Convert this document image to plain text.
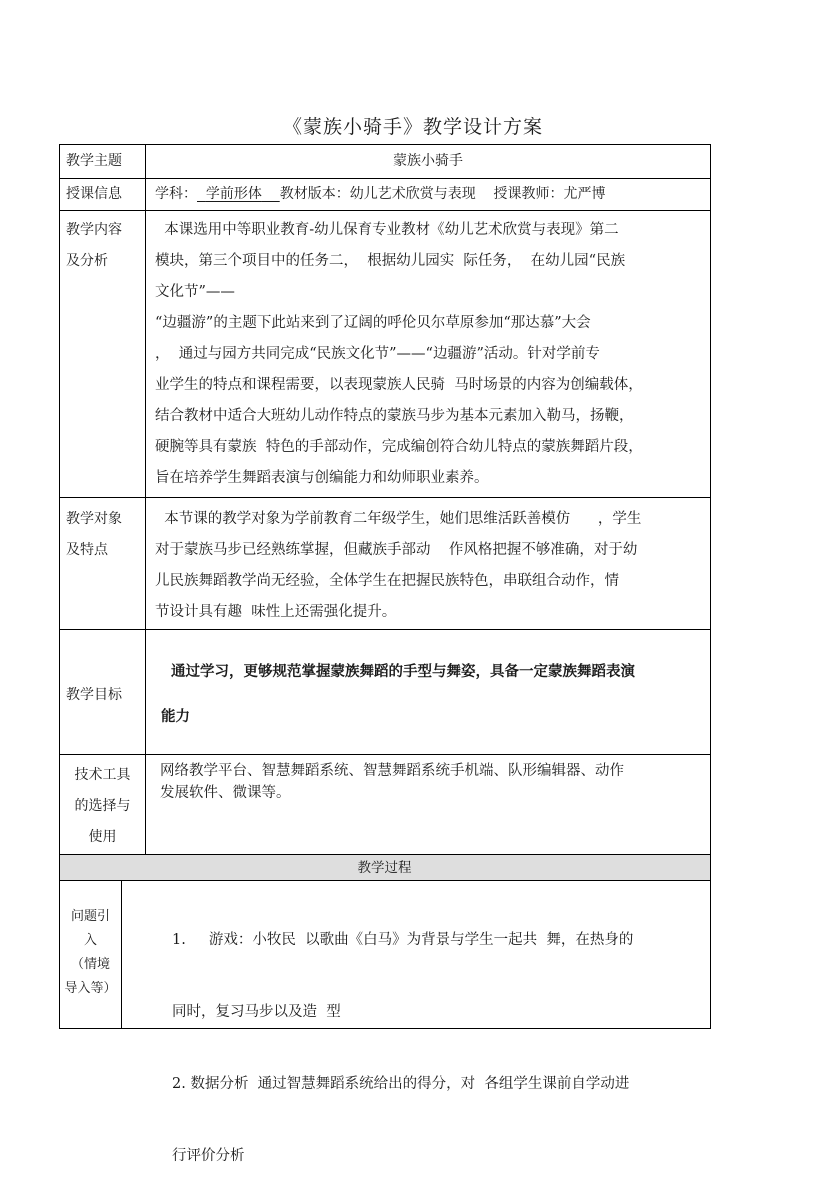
《蒙族小骑手》教学设计方案
教学主题	蒙族小骑手
授课信息 学科： 学前形体 教材版本：幼儿艺术欣赏与表现 授课教师：尤严博

教学内容

及分析

本课选用中等职业教育-幼儿保育专业教材《幼儿艺术欣赏与表现》第二

模块，第三个项目中的任务二，  根据幼儿园实  际任务，  在幼儿园“民族

文化节”——

“边疆游”的主题下此站来到了辽阔的呼伦贝尔草原参加“那达慕”大会

，  通过与园方共同完成“民族文化节”——“边疆游”活动。针对学前专

业学生的特点和课程需要，以表现蒙族人民骑  马时场景的内容为创编载体，

结合教材中适合大班幼儿动作特点的蒙族马步为基本元素加入勒马，扬鞭，

硬腕等具有蒙族  特色的手部动作，完成编创符合幼儿特点的蒙族舞蹈片段，

旨在培养学生舞蹈表演与创编能力和幼师职业素养。

教学对象

及特点

本节课的教学对象为学前教育二年级学生，她们思维活跃善模仿      ，学生

对于蒙族马步已经熟练掌握，但藏族手部动    作风格把握不够准确，对于幼

儿民族舞蹈教学尚无经验，全体学生在把握民族特色，串联组合动作，情

节设计具有趣  味性上还需强化提升。

教学目标

通过学习，更够规范掌握蒙族舞蹈的手型与舞姿，具备一定蒙族舞蹈表演

能力

技术工具

的选择与

使用

网络教学平台、智慧舞蹈系统、智慧舞蹈系统手机端、队形编辑器、动作

发展软件、微课等。

教学过程

问题引

入

（情境

导入等）

1.     游戏：小牧民  以歌曲《白马》为背景与学生一起共  舞，在热身的

同时，复习马步以及造  型

2. 数据分析  通过智慧舞蹈系统给出的得分，对  各组学生课前自学动进

行评价分析
